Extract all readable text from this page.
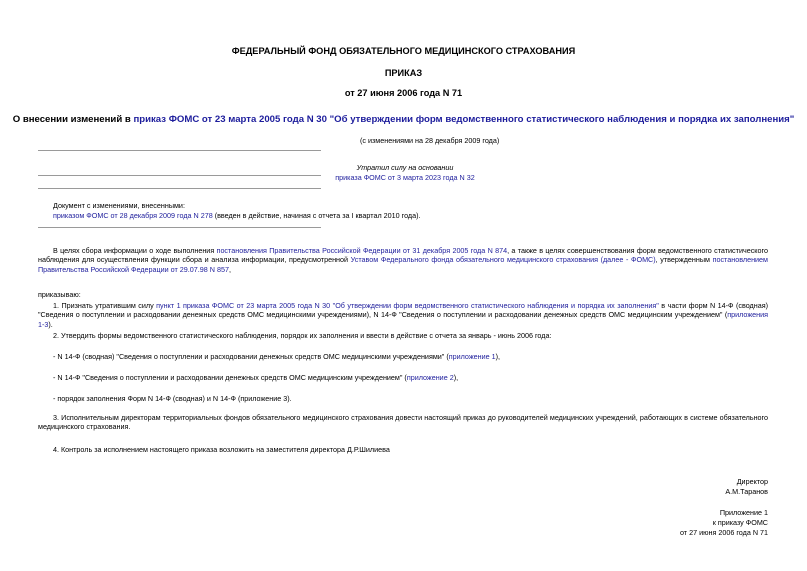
ФЕДЕРАЛЬНЫЙ ФОНД ОБЯЗАТЕЛЬНОГО МЕДИЦИНСКОГО СТРАХОВАНИЯ
ПРИКАЗ
от 27 июня 2006 года N 71
О внесении изменений в приказ ФОМС от 23 марта 2005 года N 30 "Об утверждении форм ведомственного статистического наблюдения и порядка их заполнения"
(с изменениями на 28 декабря 2009 года)
Утратил силу на основании
приказа ФОМС от 3 марта 2023 года N 32
Документ с изменениями, внесенными:
приказом ФОМС от 28 декабря 2009 года N 278 (введен в действие, начиная с отчета за I квартал 2010 года).
В целях сбора информации о ходе выполнения постановления Правительства Российской Федерации от 31 декабря 2005 года N 874, а также в целях совершенствования форм ведомственного статистического наблюдения для осуществления функции сбора и анализа информации, предусмотренной Уставом Федерального фонда обязательного медицинского страхования (далее - ФОМС), утвержденным постановлением Правительства Российской Федерации от 29.07.98 N 857,
приказываю:
1. Признать утратившим силу пункт 1 приказа ФОМС от 23 марта 2005 года N 30 "Об утверждении форм ведомственного статистического наблюдения и порядка их заполнения" в части форм N 14-Ф (сводная) "Сведения о поступлении и расходовании денежных средств ОМС медицинскими учреждениями), N 14-Ф "Сведения о поступлении и расходовании денежных средств ОМС медицинским учреждением" (приложения 1-3).
2. Утвердить формы ведомственного статистического наблюдения, порядок их заполнения и ввести в действие с отчета за январь - июнь 2006 года:
- N 14-Ф (сводная) "Сведения о поступлении и расходовании денежных средств ОМС медицинскими учреждениями" (приложение 1),
- N 14-Ф "Сведения о поступлении и расходовании денежных средств ОМС медицинским учреждением" (приложение 2),
- порядок заполнения Форм N 14-Ф (сводная) и N 14-Ф (приложение 3).
3. Исполнительным директорам территориальных фондов обязательного медицинского страхования довести настоящий приказ до руководителей медицинских учреждений, работающих в системе обязательного медицинского страхования.
4. Контроль за исполнением настоящего приказа возложить на заместителя директора Д.Р.Шилиева
Директор
А.М.Таранов
Приложение 1
к приказу ФОМС
от 27 июня 2006 года N 71
